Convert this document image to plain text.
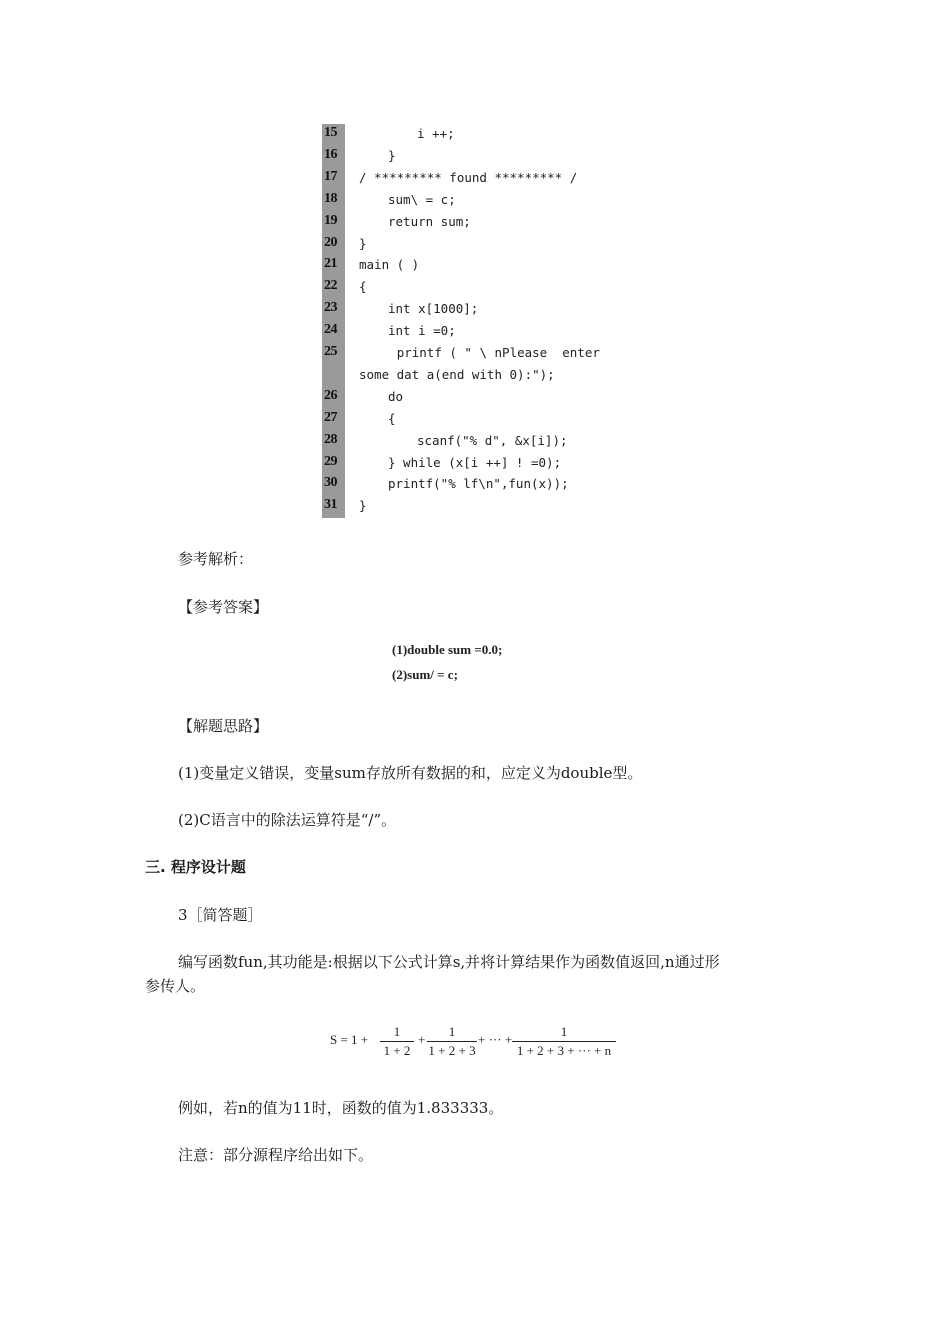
15	i ++;
16	}
17	/ ********* found ********* /
18	sum\ = c;
19	return sum;
20	}
21	main ( )
22	{
23	int x[1000];
24	int i =0;
25	printf ( " \ nPlease  enter
some dat a(end with 0):");
26	do
27	{
28	scanf("% d", &x[i]);
29	} while (x[i ++] ! =0);
30	printf("% lf\n",fun(x));
31	}
参考解析：
【参考答案】
(1)double sum =0.0;
(2)sum/ = c;
【解题思路】
(1)变量定义错误，变量sum存放所有数据的和，应定义为double型。
(2)C语言中的除法运算符是“/”。
三. 程序设计题
3［简答题］
编写函数fun,其功能是:根据以下公式计算s,并将计算结果作为函数值返回,n通过形
参传人。
$S = 1 + \frac{1}{1 + 2} + \frac{1}{1 + 2 + 3}$ + ··· + $\frac{1}{1 + 2 + 3 + \cdot\cdot\cdot + n}$
例如，若n的值为11时，函数的值为1.833333。
注意：部分源程序给出如下。
